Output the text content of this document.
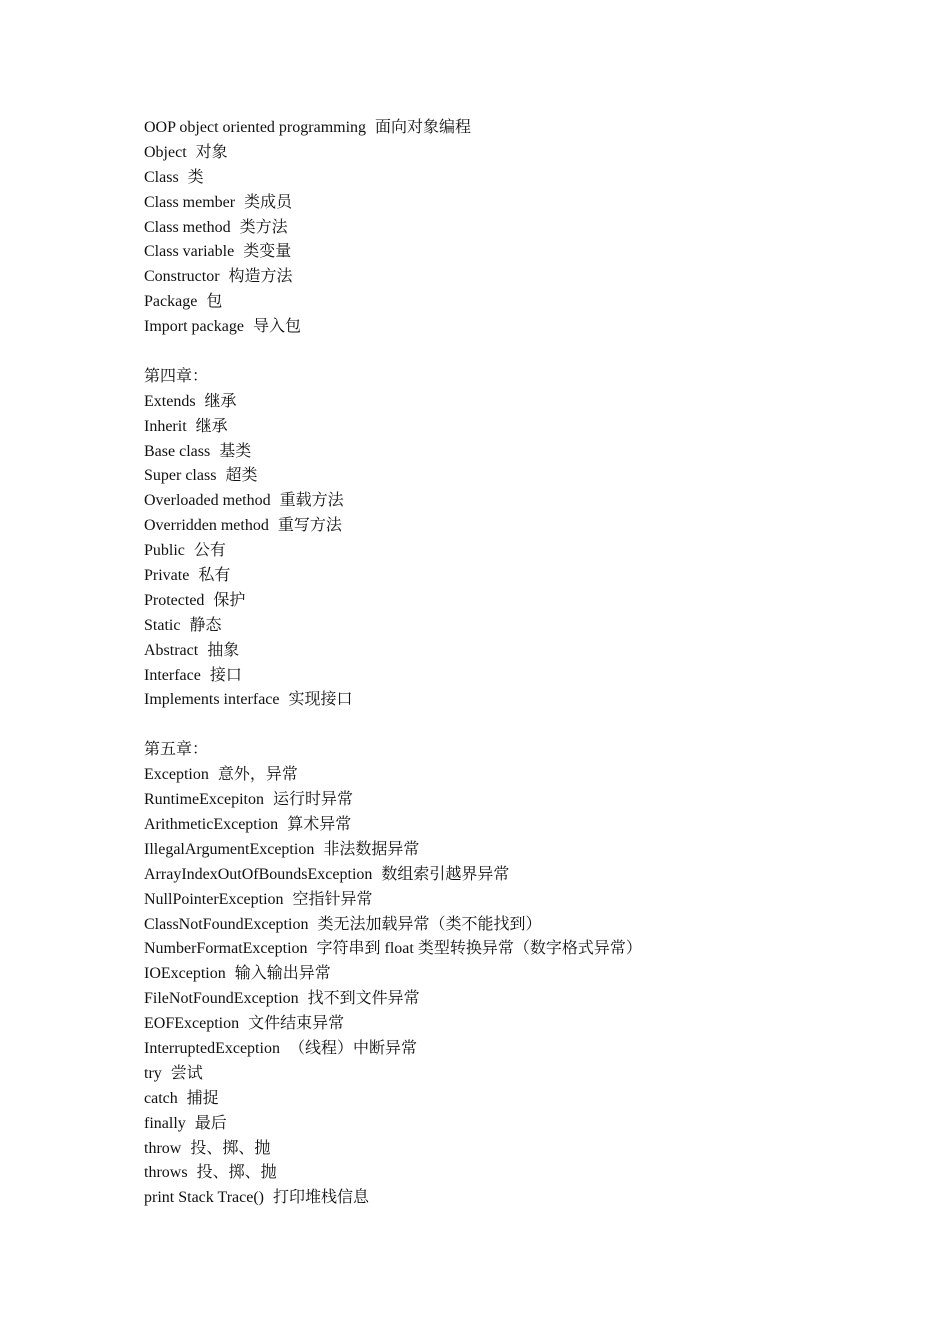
OOP object oriented programming 面向对象编程
Object 对象
Class 类
Class member 类成员
Class method 类方法
Class variable 类变量
Constructor 构造方法
Package 包
Import package 导入包
第四章：
Extends 继承
Inherit 继承
Base class 基类
Super class 超类
Overloaded method 重载方法
Overridden method 重写方法
Public 公有
Private 私有
Protected 保护
Static 静态
Abstract 抽象
Interface 接口
Implements interface 实现接口
第五章：
Exception 意外，异常
RuntimeExcepiton 运行时异常
ArithmeticException 算术异常
IllegalArgumentException 非法数据异常
ArrayIndexOutOfBoundsException 数组索引越界异常
NullPointerException 空指针异常
ClassNotFoundException 类无法加载异常（类不能找到）
NumberFormatException 字符串到 float 类型转换异常（数字格式异常）
IOException 输入输出异常
FileNotFoundException 找不到文件异常
EOFException 文件结束异常
InterruptedException （线程）中断异常
try 尝试
catch 捕捉
finally 最后
throw 投、掷、抛
throws 投、掷、抛
print Stack Trace() 打印堆栈信息
